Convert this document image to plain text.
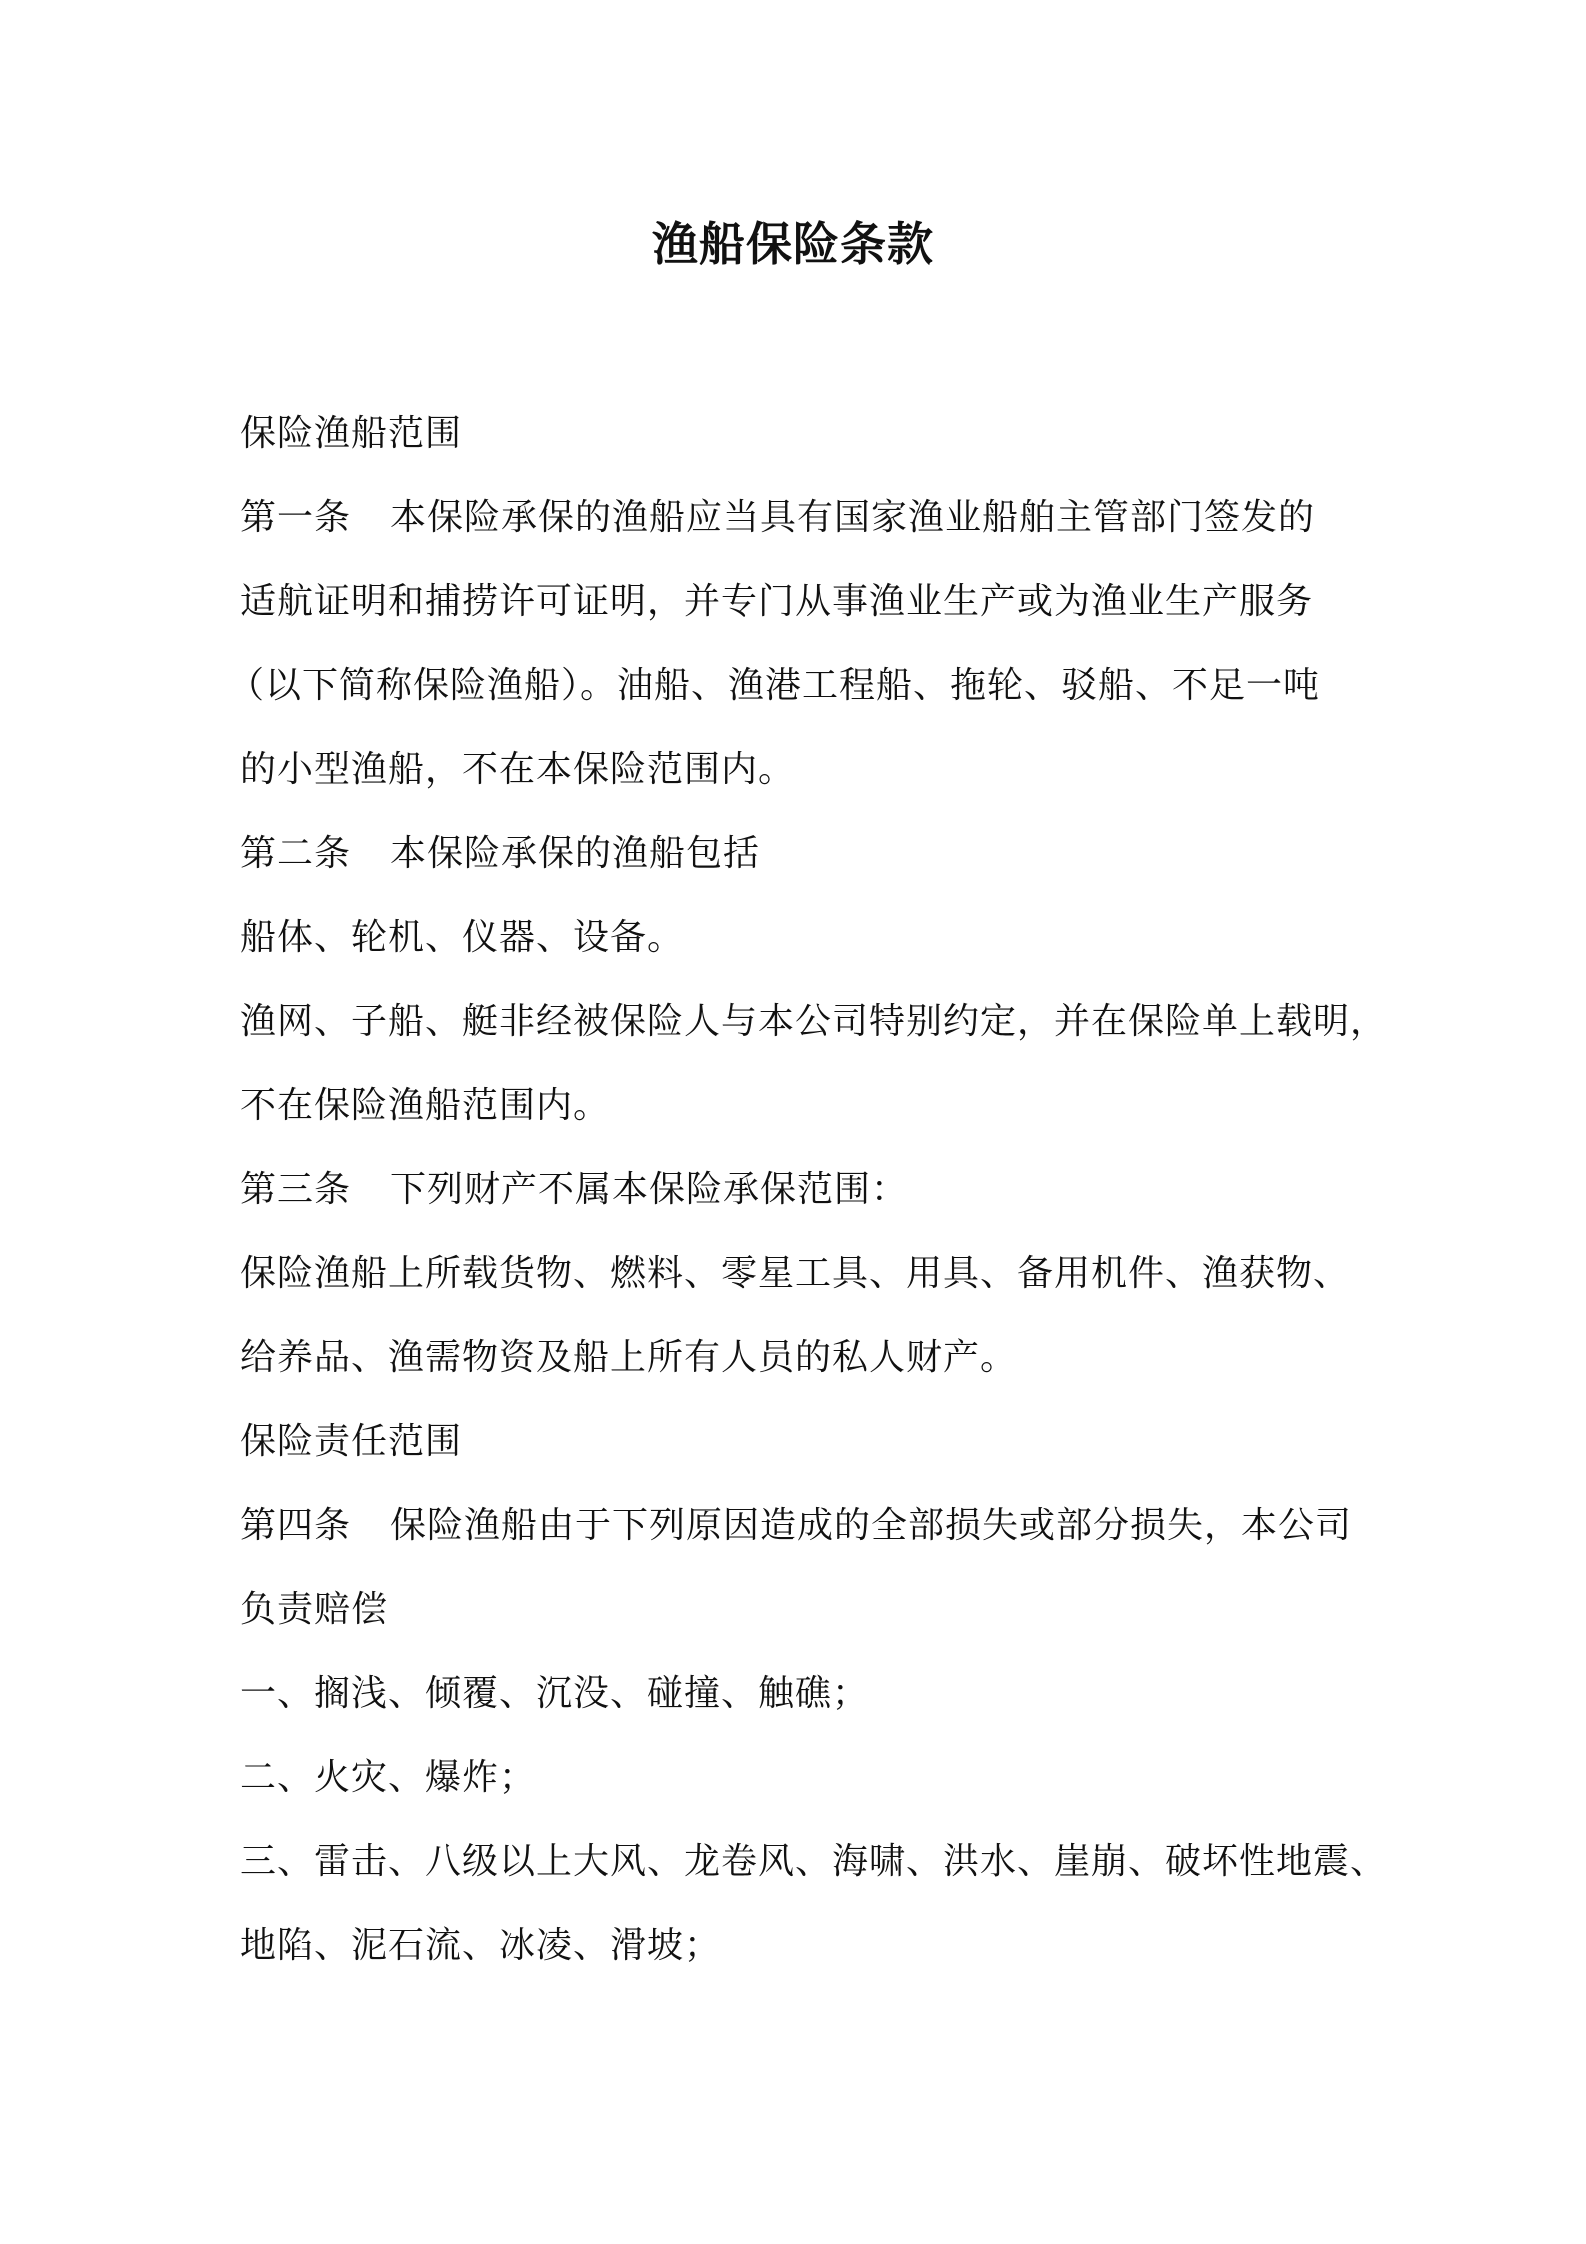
渔船保险条款
保险渔船范围
第一条 本保险承保的渔船应当具有国家渔业船舶主管部门签发的
适航证明和捕捞许可证明，并专门从事渔业生产或为渔业生产服务
（以下简称保险渔船）。油船、渔港工程船、拖轮、驳船、不足一吨
的小型渔船，不在本保险范围内。
第二条 本保险承保的渔船包括
船体、轮机、仪器、设备。
渔网、子船、艇非经被保险人与本公司特别约定，并在保险单上载明，
不在保险渔船范围内。
第三条 下列财产不属本保险承保范围：
保险渔船上所载货物、燃料、零星工具、用具、备用机件、渔获物、
给养品、渔需物资及船上所有人员的私人财产。
保险责任范围
第四条 保险渔船由于下列原因造成的全部损失或部分损失，本公司
负责赔偿
一、搁浅、倾覆、沉没、碰撞、触礁；
二、火灾、爆炸；
三、雷击、八级以上大风、龙卷风、海啸、洪水、崖崩、破坏性地震、
地陷、泥石流、冰凌、滑坡；
